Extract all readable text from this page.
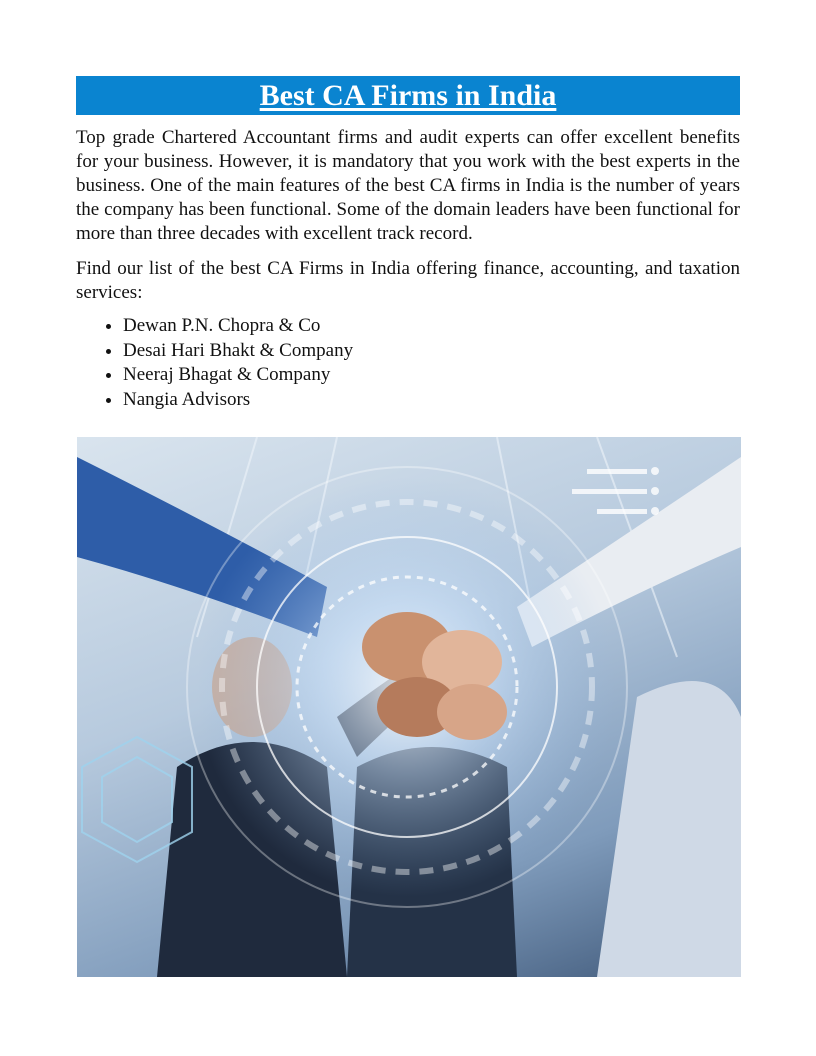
Best CA Firms in India

Top grade Chartered Accountant firms and audit experts can offer excellent benefits for your business. However, it is mandatory that you work with the best experts in the business. One of the main features of the best CA firms in India is the number of years the company has been functional. Some of the domain leaders have been functional for more than three decades with excellent track record.

Find our list of the best CA Firms in India offering finance, accounting, and taxation services:

• Dewan P.N. Chopra & Co
• Desai Hari Bhakt & Company
• Neeraj Bhagat & Company
• Nangia Advisors
